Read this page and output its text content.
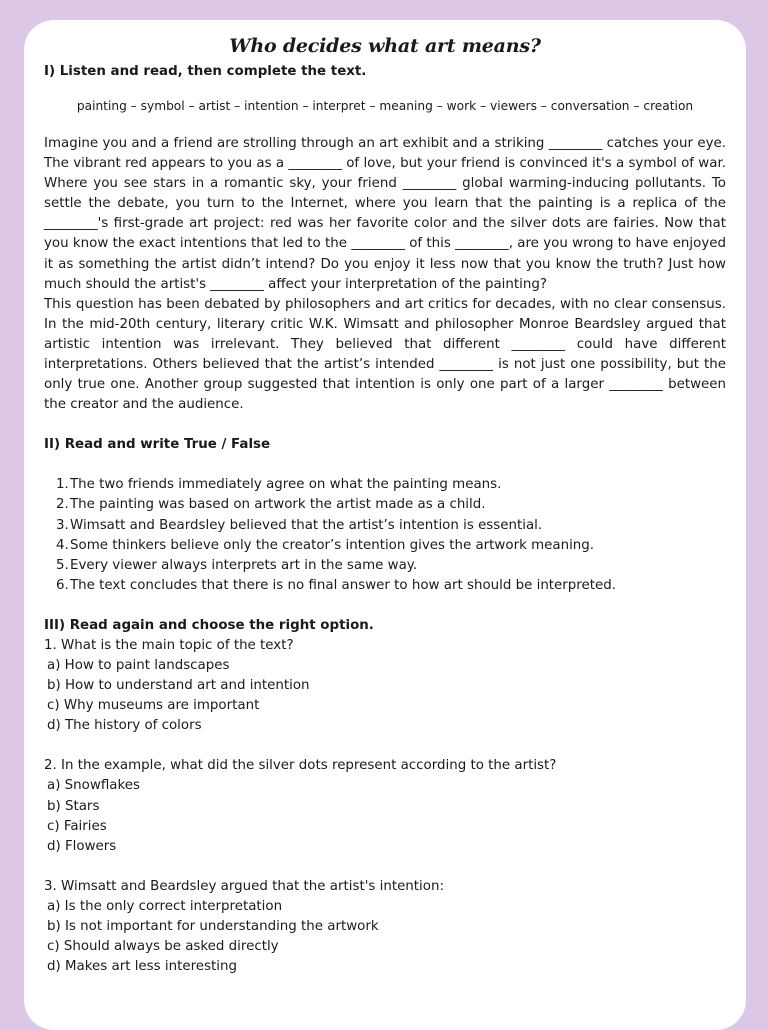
Who decides what art means?

I) Listen and read, then complete the text.

painting – symbol – artist – intention – interpret – meaning – work – viewers – conversation – creation

Imagine you and a friend are strolling through an art exhibit and a striking ________ catches your eye. The vibrant red appears to you as a ________ of love, but your friend is convinced it's a symbol of war. Where you see stars in a romantic sky, your friend ________ global warming-inducing pollutants. To settle the debate, you turn to the Internet, where you learn that the painting is a replica of the ________'s first-grade art project: red was her favorite color and the silver dots are fairies. Now that you know the exact intentions that led to the ________ of this ________, are you wrong to have enjoyed it as something the artist didn’t intend? Do you enjoy it less now that you know the truth? Just how much should the artist's ________ affect your interpretation of the painting?

This question has been debated by philosophers and art critics for decades, with no clear consensus. In the mid-20th century, literary critic W.K. Wimsatt and philosopher Monroe Beardsley argued that artistic intention was irrelevant. They believed that different ________ could have different interpretations. Others believed that the artist’s intended ________ is not just one possibility, but the only true one. Another group suggested that intention is only one part of a larger ________ between the creator and the audience.

II) Read and write True / False

1. The two friends immediately agree on what the painting means.
2. The painting was based on artwork the artist made as a child.
3. Wimsatt and Beardsley believed that the artist’s intention is essential.
4. Some thinkers believe only the creator’s intention gives the artwork meaning.
5. Every viewer always interprets art in the same way.
6. The text concludes that there is no final answer to how art should be interpreted.

III) Read again and choose the right option.

1. What is the main topic of the text?

a) How to paint landscapes

b) How to understand art and intention

c) Why museums are important

d) The history of colors

2. In the example, what did the silver dots represent according to the artist?

a) Snowflakes

b) Stars

c) Fairies

d) Flowers

3. Wimsatt and Beardsley argued that the artist's intention:

a) Is the only correct interpretation

b) Is not important for understanding the artwork

c) Should always be asked directly

d) Makes art less interesting
